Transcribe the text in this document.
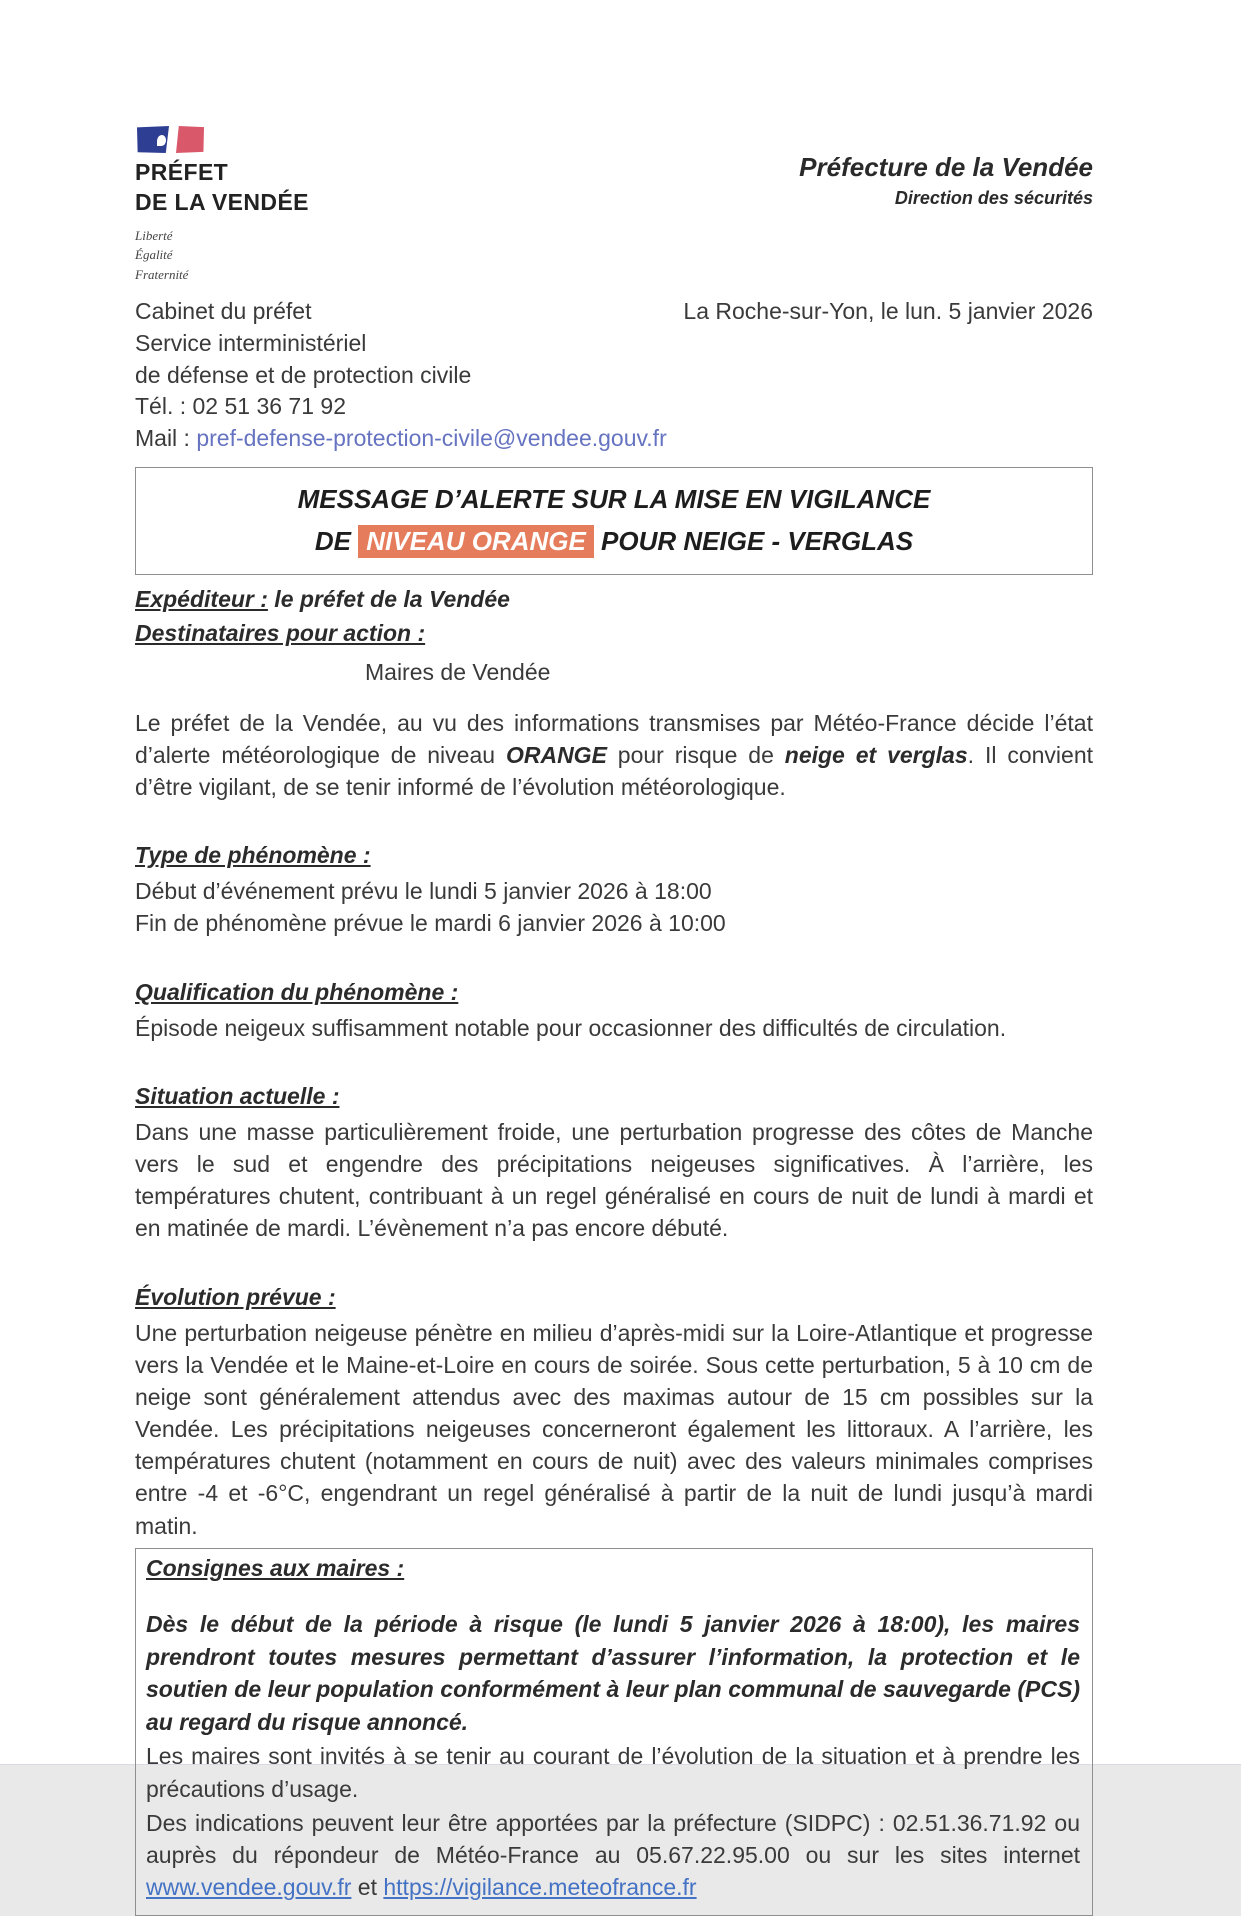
PRÉFET
DE LA VENDÉE
Liberté
Égalité
Fraternité
Préfecture de la Vendée
Direction des sécurités
Cabinet du préfet
Service interministériel
de défense et de protection civile
Tél. : 02 51 36 71 92
Mail : pref-defense-protection-civile@vendee.gouv.fr
La Roche-sur-Yon, le lun. 5 janvier 2026
MESSAGE D’ALERTE SUR LA MISE EN VIGILANCE
DE NIVEAU ORANGE POUR NEIGE - VERGLAS
Expéditeur : le préfet de la Vendée
Destinataires pour action :
Maires de Vendée

Le préfet de la Vendée, au vu des informations transmises par Météo-France décide l’état d’alerte météorologique de niveau ORANGE pour risque de neige et verglas. Il convient d’être vigilant, de se tenir informé de l’évolution météorologique.

Type de phénomène :
Début d’événement prévu le lundi 5 janvier 2026 à 18:00
Fin de phénomène prévue le mardi 6 janvier 2026 à 10:00
Qualification du phénomène :
Épisode neigeux suffisamment notable pour occasionner des difficultés de circulation.
Situation actuelle :

Dans une masse particulièrement froide, une perturbation progresse des côtes de Manche vers le sud et engendre des précipitations neigeuses significatives. À l’arrière, les températures chutent, contribuant à un regel généralisé en cours de nuit de lundi à mardi et en matinée de mardi. L’évènement n’a pas encore débuté.

Évolution prévue :

Une perturbation neigeuse pénètre en milieu d’après-midi sur la Loire-Atlantique et progresse vers la Vendée et le Maine-et-Loire en cours de soirée. Sous cette perturbation, 5 à 10 cm de neige sont généralement attendus avec des maximas autour de 15 cm possibles sur la Vendée. Les précipitations neigeuses concerneront également les littoraux. A l’arrière, les températures chutent (notamment en cours de nuit) avec des valeurs minimales comprises entre -4 et -6°C, engendrant un regel généralisé à partir de la nuit de lundi jusqu’à mardi matin.

Consignes aux maires :

Dès le début de la période à risque (le lundi 5 janvier 2026 à 18:00), les maires prendront toutes mesures permettant d’assurer l’information, la protection et le soutien de leur population conformément à leur plan communal de sauvegarde (PCS) au regard du risque annoncé.

Les maires sont invités à se tenir au courant de l’évolution de la situation et à prendre les précautions d’usage.

Des indications peuvent leur être apportées par la préfecture (SIDPC) : 02.51.36.71.92 ou auprès du répondeur de Météo-France au 05.67.22.95.00 ou sur les sites internet www.vendee.gouv.fr et https://vigilance.meteofrance.fr
